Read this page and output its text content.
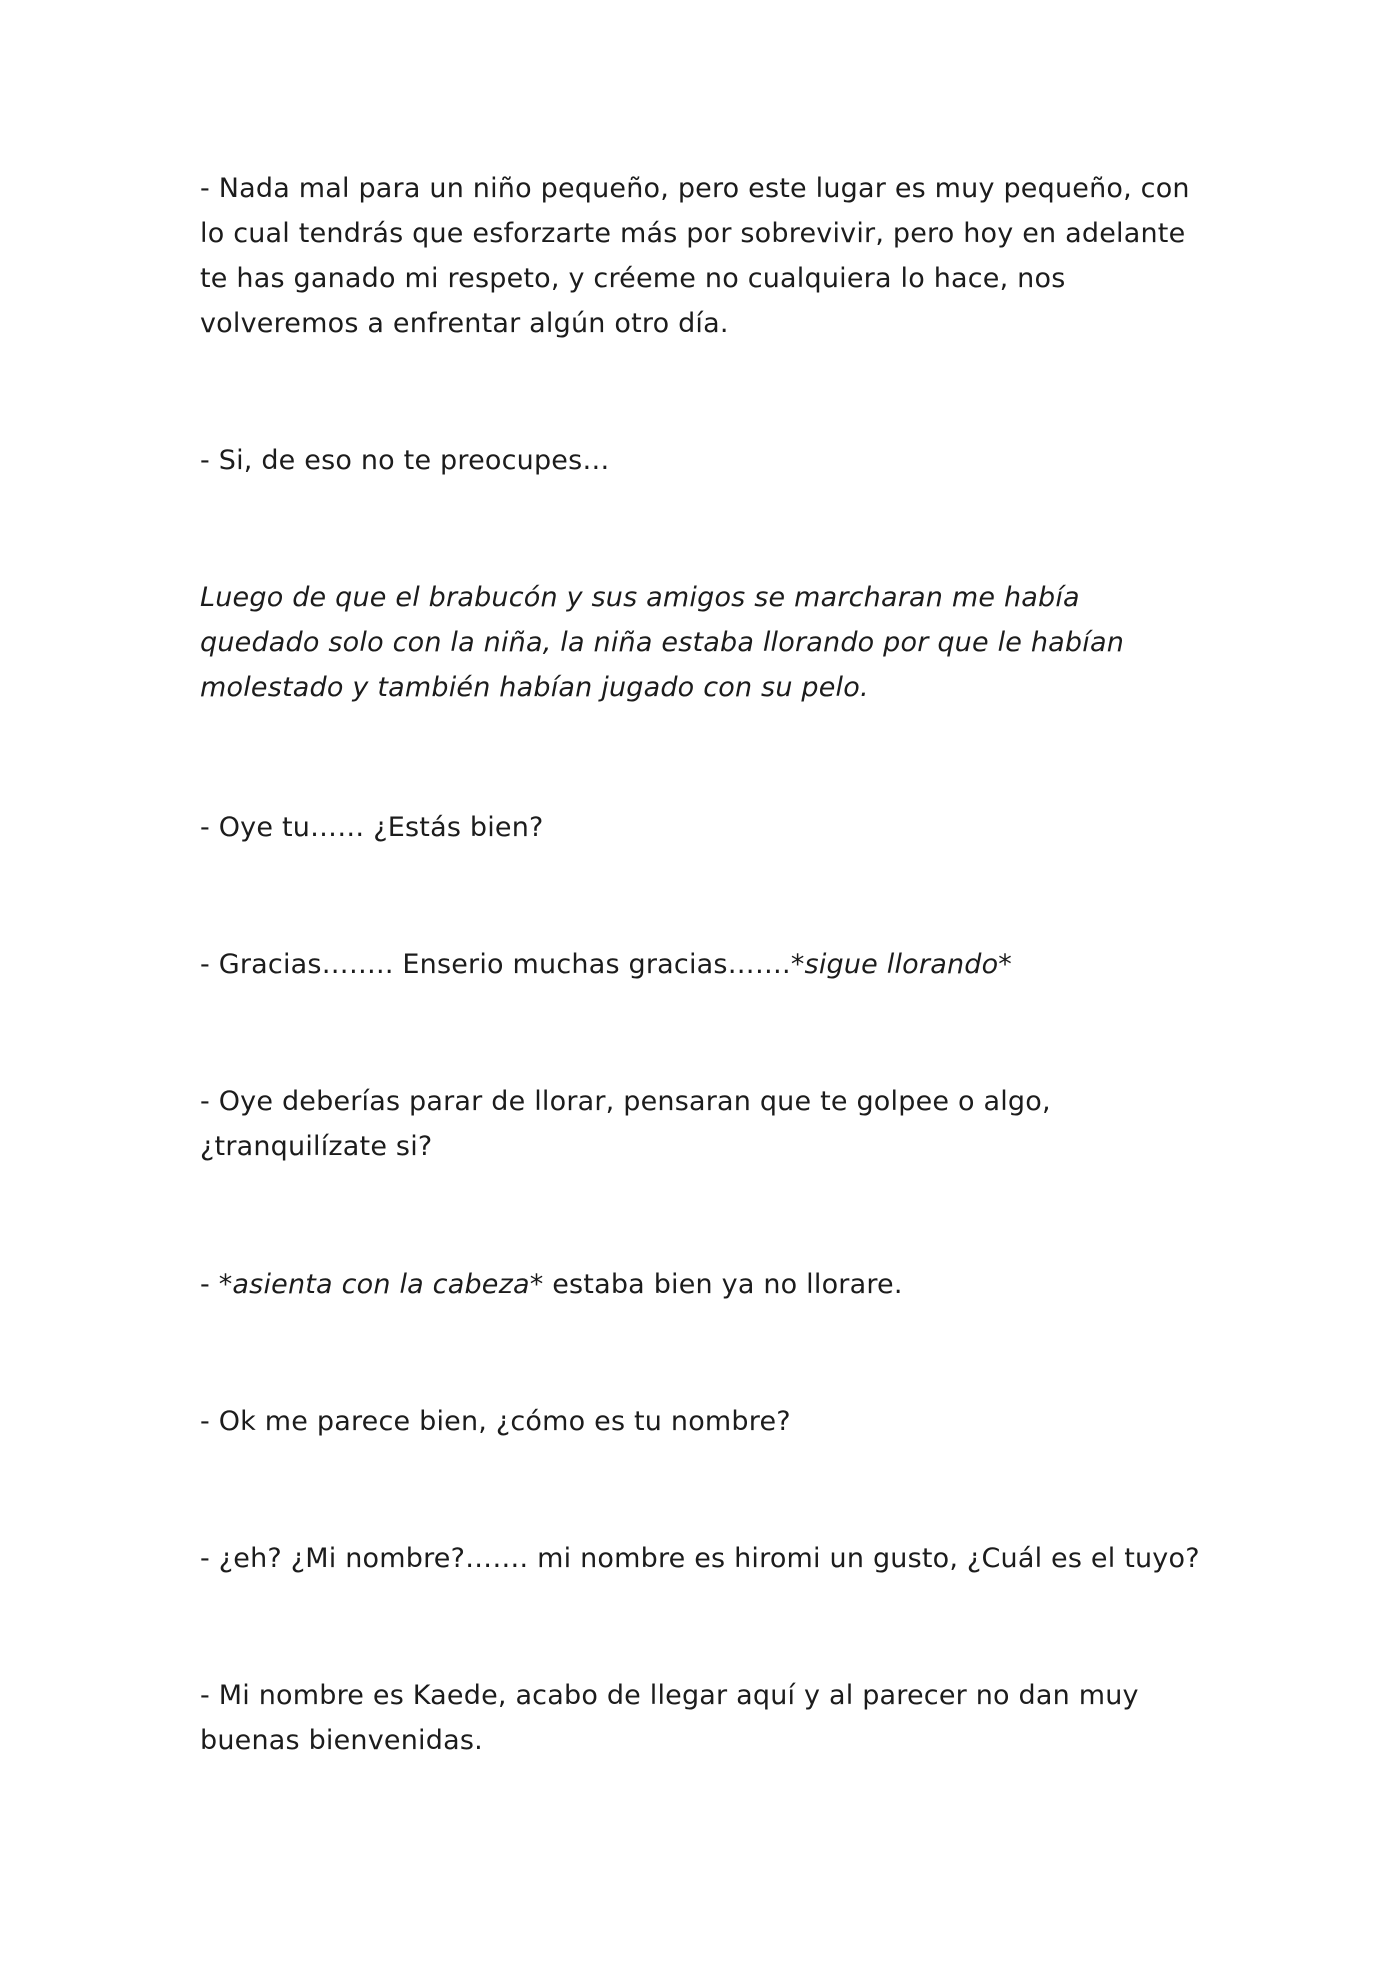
- Nada mal para un niño pequeño, pero este lugar es muy pequeño, con lo cual tendrás que esforzarte más por sobrevivir, pero hoy en adelante te has ganado mi respeto, y créeme no cualquiera lo hace, nos volveremos a enfrentar algún otro día.

- Si, de eso no te preocupes…

Luego de que el brabucón y sus amigos se marcharan me había quedado solo con la niña, la niña estaba llorando por que le habían molestado y también habían jugado con su pelo.

- Oye tu…… ¿Estás bien?

- Gracias…….. Enserio muchas gracias…….*sigue llorando*

- Oye deberías parar de llorar, pensaran que te golpee o algo, ¿tranquilízate si?

- *asienta con la cabeza* estaba bien ya no llorare.

- Ok me parece bien, ¿cómo es tu nombre?

- ¿eh? ¿Mi nombre?……. mi nombre es hiromi un gusto, ¿Cuál es el tuyo?

- Mi nombre es Kaede, acabo de llegar aquí y al parecer no dan muy buenas bienvenidas.
